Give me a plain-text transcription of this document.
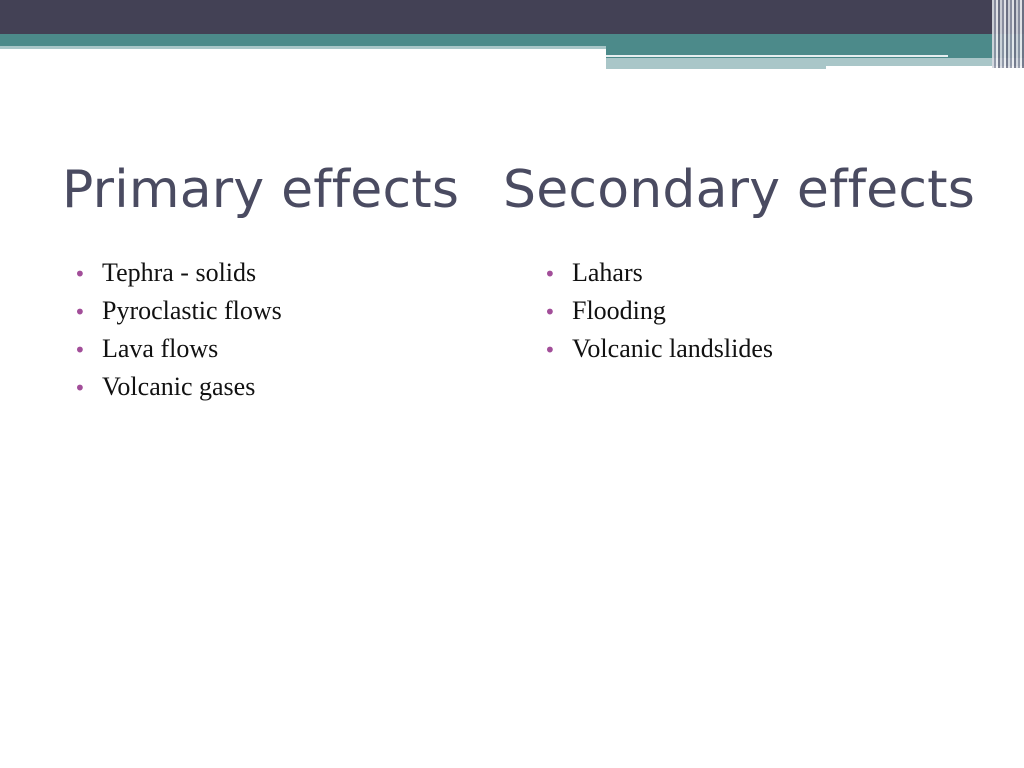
Primary effects Secondary effects
• Tephra - solids
• Pyroclastic flows
• Lava flows
• Volcanic gases
• Lahars
• Flooding
• Volcanic landslides
